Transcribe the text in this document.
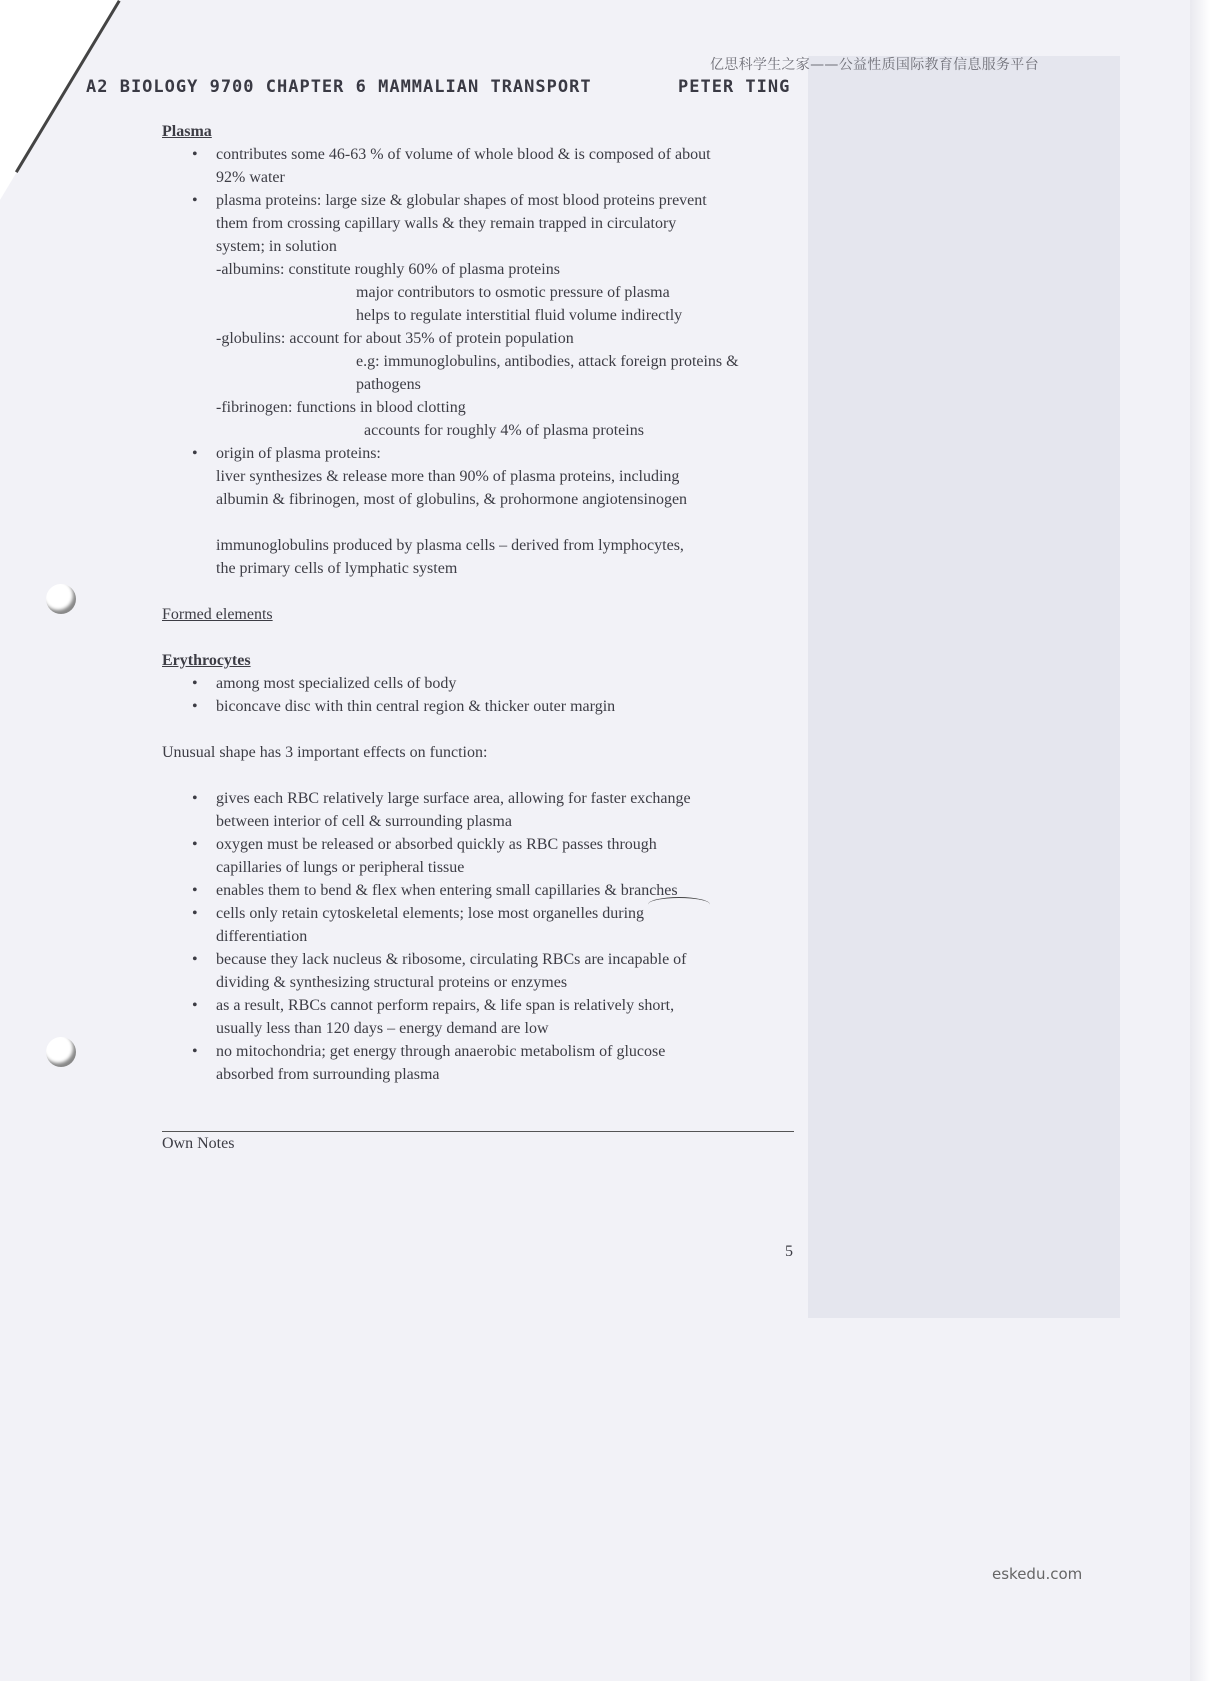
亿思科学生之家——公益性质国际教育信息服务平台
A2 BIOLOGY 9700 CHAPTER 6 MAMMALIAN TRANSPORT	PETER TING

Plasma

• contributes some 46-63 % of volume of whole blood & is composed of about
92% water
• plasma proteins: large size & globular shapes of most blood proteins prevent
them from crossing capillary walls & they remain trapped in circulatory
system; in solution
-albumins: constitute roughly 60% of plasma proteins
major contributors to osmotic pressure of plasma
helps to regulate interstitial fluid volume indirectly
-globulins: account for about 35% of protein population
e.g: immunoglobulins, antibodies, attack foreign proteins &
pathogens
-fibrinogen: functions in blood clotting
accounts for roughly 4% of plasma proteins
• origin of plasma proteins:
liver synthesizes & release more than 90% of plasma proteins, including
albumin & fibrinogen, most of globulins, & prohormone angiotensinogen
immunoglobulins produced by plasma cells – derived from lymphocytes,
the primary cells of lymphatic system

Formed elements

Erythrocytes

• among most specialized cells of body
• biconcave disc with thin central region & thicker outer margin

Unusual shape has 3 important effects on function:

• gives each RBC relatively large surface area, allowing for faster exchange
between interior of cell & surrounding plasma
• oxygen must be released or absorbed quickly as RBC passes through
capillaries of lungs or peripheral tissue
• enables them to bend & flex when entering small capillaries & branches
• cells only retain cytoskeletal elements; lose most organelles during
differentiation
• because they lack nucleus & ribosome, circulating RBCs are incapable of
dividing & synthesizing structural proteins or enzymes
• as a result, RBCs cannot perform repairs, & life span is relatively short,
usually less than 120 days – energy demand are low
• no mitochondria; get energy through anaerobic metabolism of glucose
absorbed from surrounding plasma
Own Notes
5
eskedu.com
